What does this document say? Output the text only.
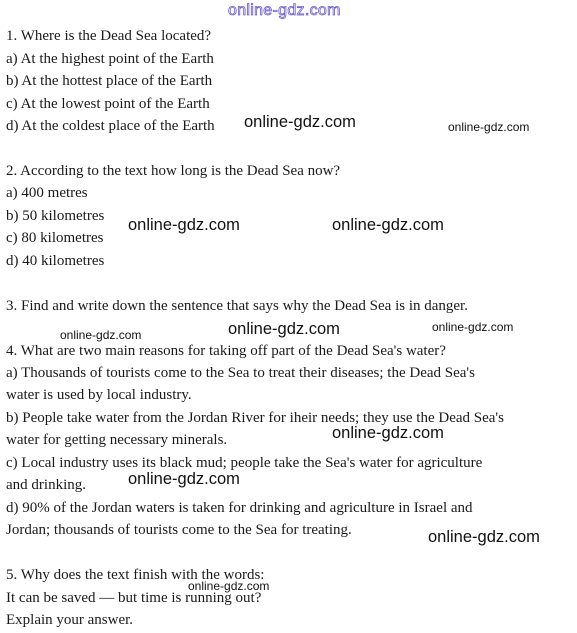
online-gdz.com
1. Where is the Dead Sea located?
a) At the highest point of the Earth
b) At the hottest place of the Earth
c) At the lowest point of the Earth
d) At the coldest place of the Earth
2. According to the text how long is the Dead Sea now?
a) 400 metres
b) 50 kilometres
c) 80 kilometres
d) 40 kilometres
3. Find and write down the sentence that says why the Dead Sea is in danger.
4. What are two main reasons for taking off part of the Dead Sea's water?
a) Thousands of tourists come to the Sea to treat their diseases; the Dead Sea's
water is used by local industry.
b) People take water from the Jordan River for iheir needs; they use the Dead Sea's
water for getting necessary minerals.
c) Local industry uses its black mud; people take the Sea's water for agriculture
and drinking.
d) 90% of the Jordan waters is taken for drinking and agriculture in Israel and
Jordan; thousands of tourists come to the Sea for treating.
5. Why does the text finish with the words:
It can be saved — but time is running out?
Explain your answer.
online-gdz.com	online-gdz.com
online-gdz.com	online-gdz.com
online-gdz.com	online-gdz.com	online-gdz.com
online-gdz.com
online-gdz.com
online-gdz.com
online-gdz.com
